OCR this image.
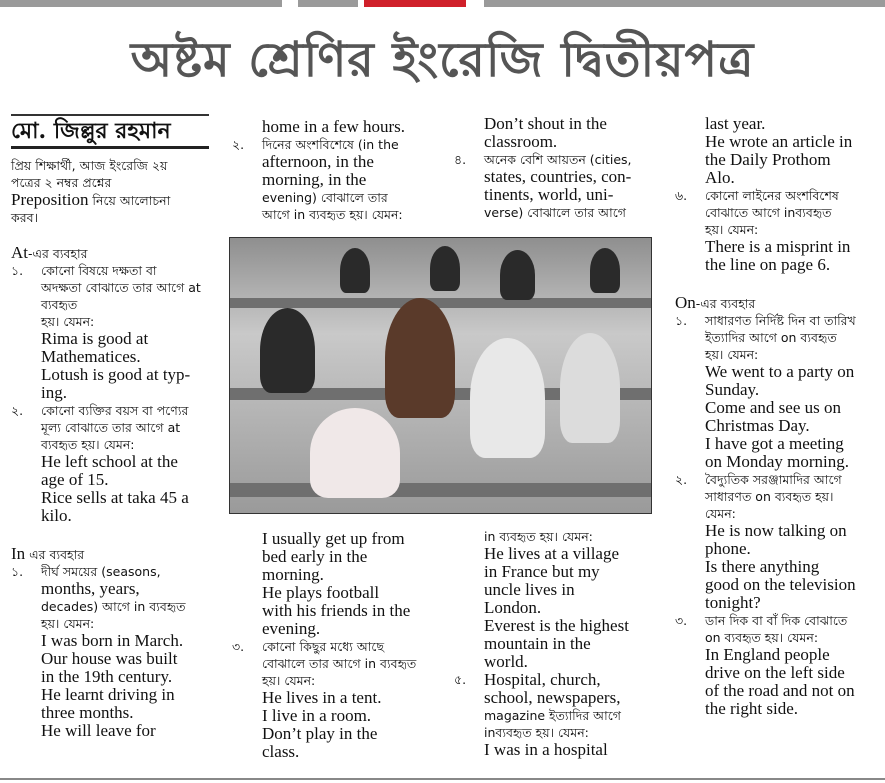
অষ্টম শ্রেণির ইংরেজি দ্বিতীয়পত্র
মো. জিল্লুর রহমান
প্রিয় শিক্ষার্থী, আজ ইংরেজি ২য়
পত্রের ২ নম্বর প্রশ্নের
Preposition নিয়ে আলোচনা
করব।
At-এর ব্যবহার
১. কোনো বিষয়ে দক্ষতা বা
অদক্ষতা বোঝাতে তার আগে at ব্যবহৃত
হয়। যেমন:
Rima is good at
Mathematices.
Lotush is good at typ-
ing.
২. কোনো ব্যক্তির বয়স বা পণ্যের
মূল্য বোঝাতে তার আগে at
ব্যবহৃত হয়। যেমন:
He left school at the
age of 15.
Rice sells at taka 45 a
kilo.
In এর ব্যবহার
১. দীর্ঘ সময়ের (seasons,
months, years,
decades) আগে in ব্যবহৃত
হয়। যেমন:
I was born in March.
Our house was built
in the 19th century.
He learnt driving in
three months.
He will leave for
home in a few hours.
২. দিনের অংশবিশেষে (in the
afternoon, in the
morning, in the
evening) বোঝালে তার
আগে in ব্যবহৃত হয়। যেমন:
I usually get up from
bed early in the
morning.
He plays football
with his friends in the
evening.
৩. কোনো কিছুর মধ্যে আছে
বোঝালে তার আগে in ব্যবহৃত
হয়। যেমন:
He lives in a tent.
I live in a room.
Don’t play in the
class.
Don’t shout in the
classroom.
৪. অনেক বেশি আয়তন (cities,
states, countries, con-
tinents, world, uni-
verse) বোঝালে তার আগে
in ব্যবহৃত হয়। যেমন:
He lives at a village
in France but my
uncle lives in
London.
Everest is the highest
mountain in the
world.
৫. Hospital, church,
school, newspapers,
magazine ইত্যাদির আগে
inব্যবহৃত হয়। যেমন:
I was in a hospital
last year.
He wrote an article in
the Daily Prothom
Alo.
৬. কোনো লাইনের অংশবিশেষ
বোঝাতে আগে inব্যবহৃত
হয়। যেমন:
There is a misprint in
the line on page 6.
On-এর ব্যবহার
১. সাধারণত নির্দিষ্ট দিন বা তারিখ
ইত্যাদির আগে on ব্যবহৃত
হয়। যেমন:
We went to a party on
Sunday.
Come and see us on
Christmas Day.
I have got a meeting
on Monday morning.
২. বৈদ্যুতিক সরঞ্জামাদির আগে
সাধারণত on ব্যবহৃত হয়।
যেমন:
He is now talking on
phone.
Is there anything
good on the television
tonight?
৩. ডান দিক বা বাঁ দিক বোঝাতে
on ব্যবহৃত হয়। যেমন:
In England people
drive on the left side
of the road and not on
the right side.
